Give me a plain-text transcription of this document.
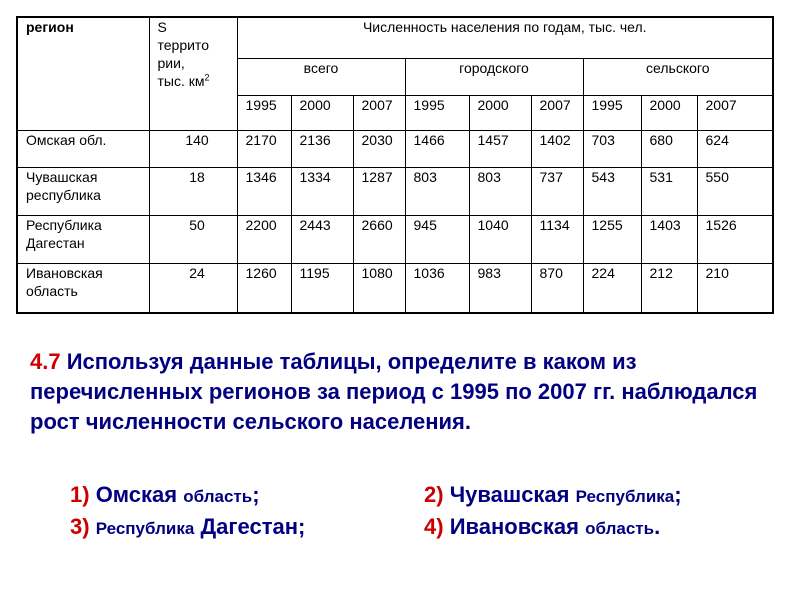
регион	S
террито
рии,
тыс. $км^2$	Численность населения по годам, тыс. чел.								
		всего			городского			сельского		
		1995	2000	2007	1995	2000	2007	1995	2000	2007
Омская обл.	140	2170	2136	2030	1466	1457	1402	703	680	624
Чувашская
республика	18	1346	1334	1287	803	803	737	543	531	550
Республика
Дагестан	50	2200	2443	2660	945	1040	1134	1255	1403	1526
Ивановская
область	24	1260	1195	1080	1036	983	870	224	212	210
4.7 Используя данные таблицы, определите в каком из перечисленных регионов за период с 1995 по 2007 гг. наблюдался рост численности сельского населения.
1) Омская область;	2) Чувашская Республика;
3) Республика Дагестан;	4) Ивановская область.
